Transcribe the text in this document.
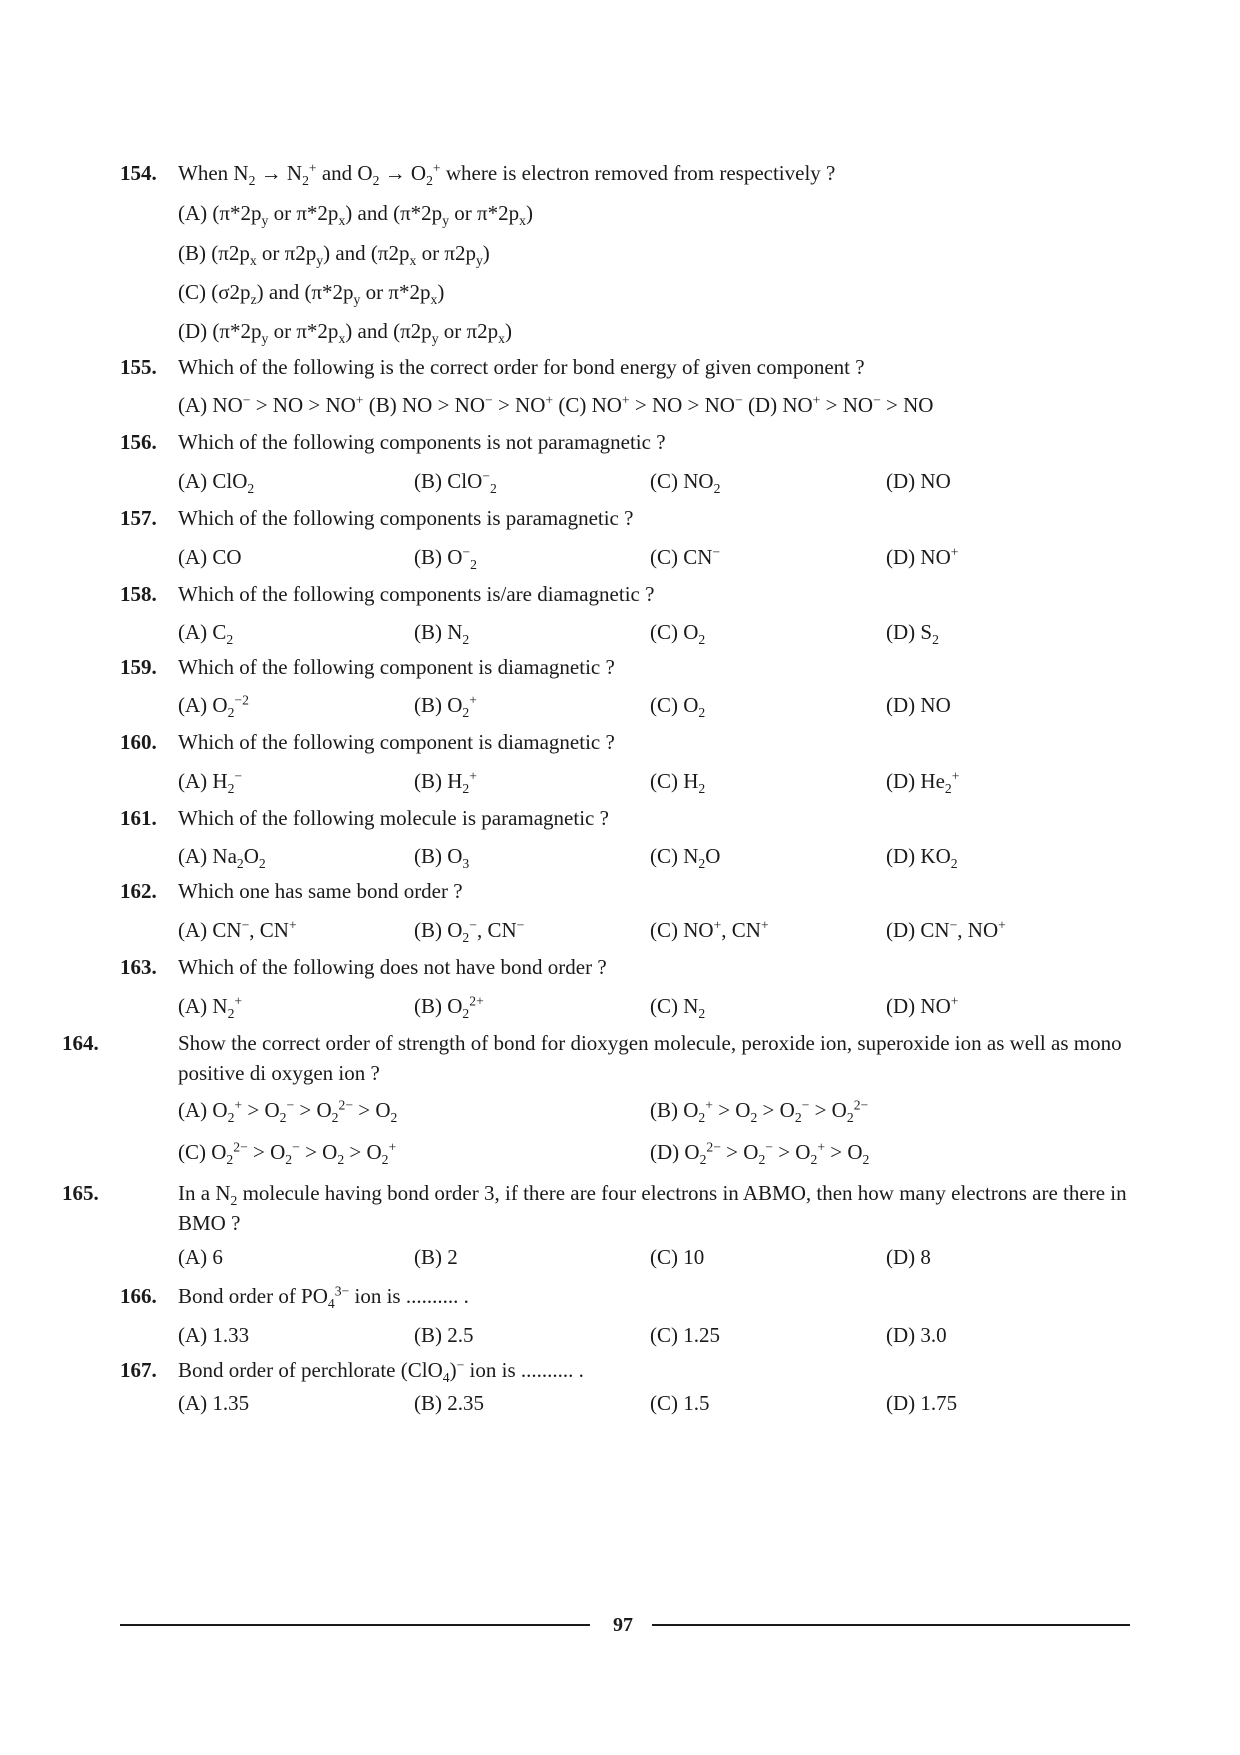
154. When $N_2 \to N_2^+$ and $O_2 \to O_2^+$ where is electron removed from respectively ?
(A) ($\pi*2p_y$ or $\pi*2p_x$) and ($\pi*2p_y$ or $\pi*2p_x$)
(B) ($\pi 2p_x$ or $\pi 2p_y$) and ($\pi 2p_x$ or $\pi 2p_y$)
(C) $(\sigma 2p_z)$ and ($\pi*2p_y$ or $\pi*2p_x$)
(D) ($\pi*2p_y$ or $\pi*2p_x$) and ($\pi 2p_y$ or $\pi 2p_x$)
155. Which of the following is the correct order for bond energy of given component ?
(A) NO− > NO > NO+ (B) NO > NO− > NO+ (C) NO+ > NO > NO− (D) NO+ > NO− > NO
156. Which of the following components is not paramagnetic ?
(A) ClO$_2$	(B) ClO−$_2$	(C) $NO_2$	(D) NO
157. Which of the following components is paramagnetic ?
(A) CO	(B) $O^-_2$	(C) CN−	(D) NO+
158. Which of the following components is/are diamagnetic ?
(A) $C_2$	(B) $N_2$	(C) $O_2$	(D) $S_2$
159. Which of the following component is diamagnetic ?
(A) $O_2^{-2}$	(B) $O_2^+$	(C) $O_2$	(D) NO
160. Which of the following component is diamagnetic ?
(A) $H_2^-$	(B) $H_2^+$	(C) $H_2$	(D) $He_2^+$
161. Which of the following molecule is paramagnetic ?
(A) $Na_2O_2$	(B) $O_3$	(C) $N_2O$	(D) $KO_2$
162. Which one has same bond order ?
(A) CN−, CN+	(B) $O_2^-$, CN−	(C) NO+, CN+	(D) CN−, NO+
163. Which of the following does not have bond order ?
(A) $N_2^+$	(B) $O_2^{2+}$	(C) $N_2$	(D) NO+
164.	Show the correct order of strength of bond for dioxygen molecule, peroxide ion, superoxide ion as well as mono positive di oxygen ion ?
(A) $O_2^+ > O_2^- > O_2^{2-} > O_2$	(B) $O_2^+ > O_2 > O_2^- > O_2^{2-}$
(C) $O_2^{2-} > O_2^- > O_2 > O_2^+$	(D) $O_2^{2-} > O_2^- > O_2^+ > O_2$
165.	In a $N_2$ molecule having bond order 3, if there are four electrons in ABMO, then how many electrons are there in BMO ?
(A) 6	(B) 2	(C) 10	(D) 8
166. Bond order of $PO_4^{3-}$ ion is .......... .
(A) 1.33	(B) 2.5	(C) 1.25	(D) 3.0
167. Bond order of perchlorate (ClO$_4$)− ion is .......... .
(A) 1.35	(B) 2.35	(C) 1.5	(D) 1.75
97
